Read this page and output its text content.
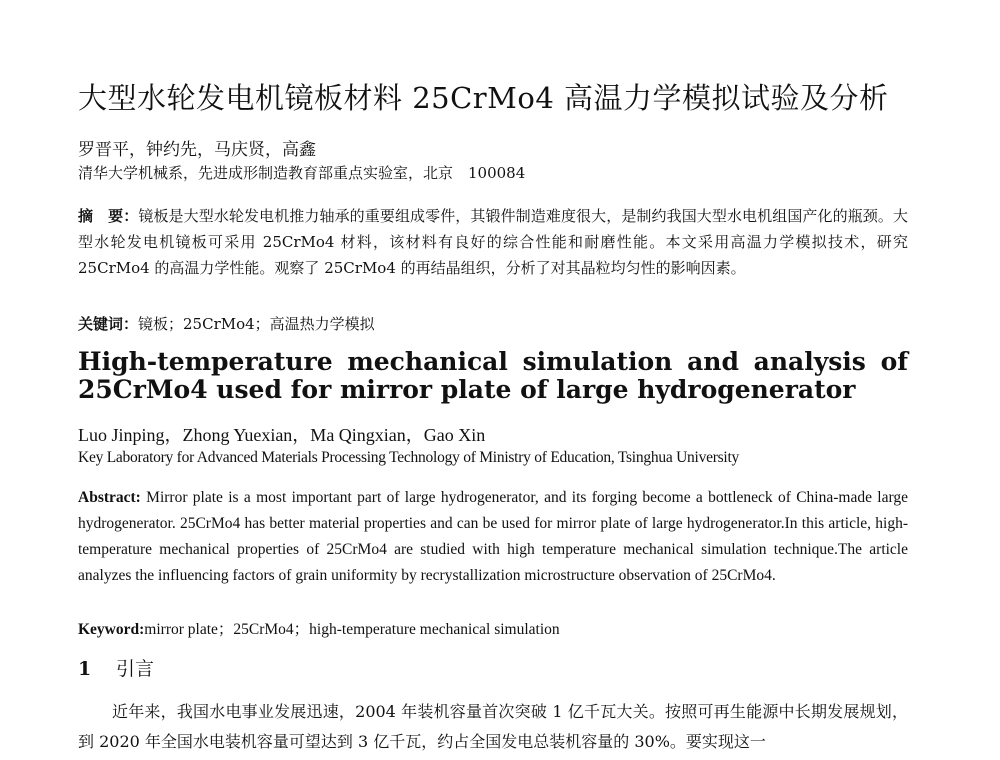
大型水轮发电机镜板材料 25CrMo4 高温力学模拟试验及分析
罗晋平，钟约先，马庆贤，高鑫
清华大学机械系，先进成形制造教育部重点实验室，北京　100084
摘　要：镜板是大型水轮发电机推力轴承的重要组成零件，其锻件制造难度很大，是制约我国大型水电机组国产化的瓶颈。大型水轮发电机镜板可采用 25CrMo4 材料，该材料有良好的综合性能和耐磨性能。本文采用高温力学模拟技术，研究 25CrMo4 的高温力学性能。观察了 25CrMo4 的再结晶组织，分析了对其晶粒均匀性的影响因素。
关键词：镜板；25CrMo4；高温热力学模拟
High-temperature mechanical simulation and analysis of 25CrMo4 used for mirror plate of large hydrogenerator
Luo Jinping，Zhong Yuexian，Ma Qingxian，Gao Xin
Key Laboratory for Advanced Materials Processing Technology of Ministry of Education, Tsinghua University
Abstract: Mirror plate is a most important part of large hydrogenerator, and its forging become a bottleneck of China-made large hydrogenerator. 25CrMo4 has better material properties and can be used for mirror plate of large hydrogenerator.In this article, high-temperature mechanical properties of 25CrMo4 are studied with high temperature mechanical simulation technique.The article analyzes the influencing factors of grain uniformity by recrystallization microstructure observation of 25CrMo4.
Keyword:mirror plate；25CrMo4；high-temperature mechanical simulation
1 引言
近年来，我国水电事业发展迅速，2004 年装机容量首次突破 1 亿千瓦大关。按照可再生能源中长期发展规划，到 2020 年全国水电装机容量可望达到 3 亿千瓦，约占全国发电总装机容量的 30%。要实现这一
